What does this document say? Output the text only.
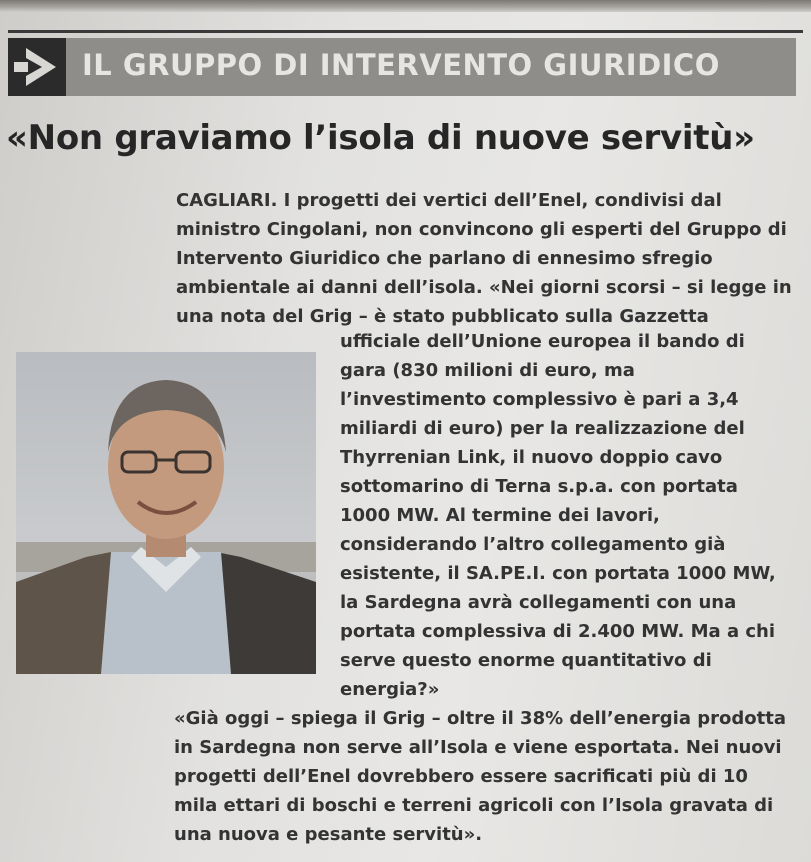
IL GRUPPO DI INTERVENTO GIURIDICO
«Non graviamo l’isola di nuove servitù»
CAGLIARI. I progetti dei vertici dell’Enel, condivisi dal
ministro Cingolani, non convincono gli esperti del Gruppo di
Intervento Giuridico che parlano di ennesimo sfregio
ambientale ai danni dell’isola. «Nei giorni scorsi – si legge in
una nota del Grig – è stato pubblicato sulla Gazzetta
ufficiale dell’Unione europea il bando di
gara (830 milioni di euro, ma
l’investimento complessivo è pari a 3,4
miliardi di euro) per la realizzazione del
Thyrrenian Link, il nuovo doppio cavo
sottomarino di Terna s.p.a. con portata
1000 MW. Al termine dei lavori,
considerando l’altro collegamento già
esistente, il SA.PE.I. con portata 1000 MW,
la Sardegna avrà collegamenti con una
portata complessiva di 2.400 MW. Ma a chi
serve questo enorme quantitativo di
energia?»
«Già oggi – spiega il Grig – oltre il 38% dell’energia prodotta
in Sardegna non serve all’Isola e viene esportata. Nei nuovi
progetti dell’Enel dovrebbero essere sacrificati più di 10
mila ettari di boschi e terreni agricoli con l’Isola gravata di
una nuova e pesante servitù».
